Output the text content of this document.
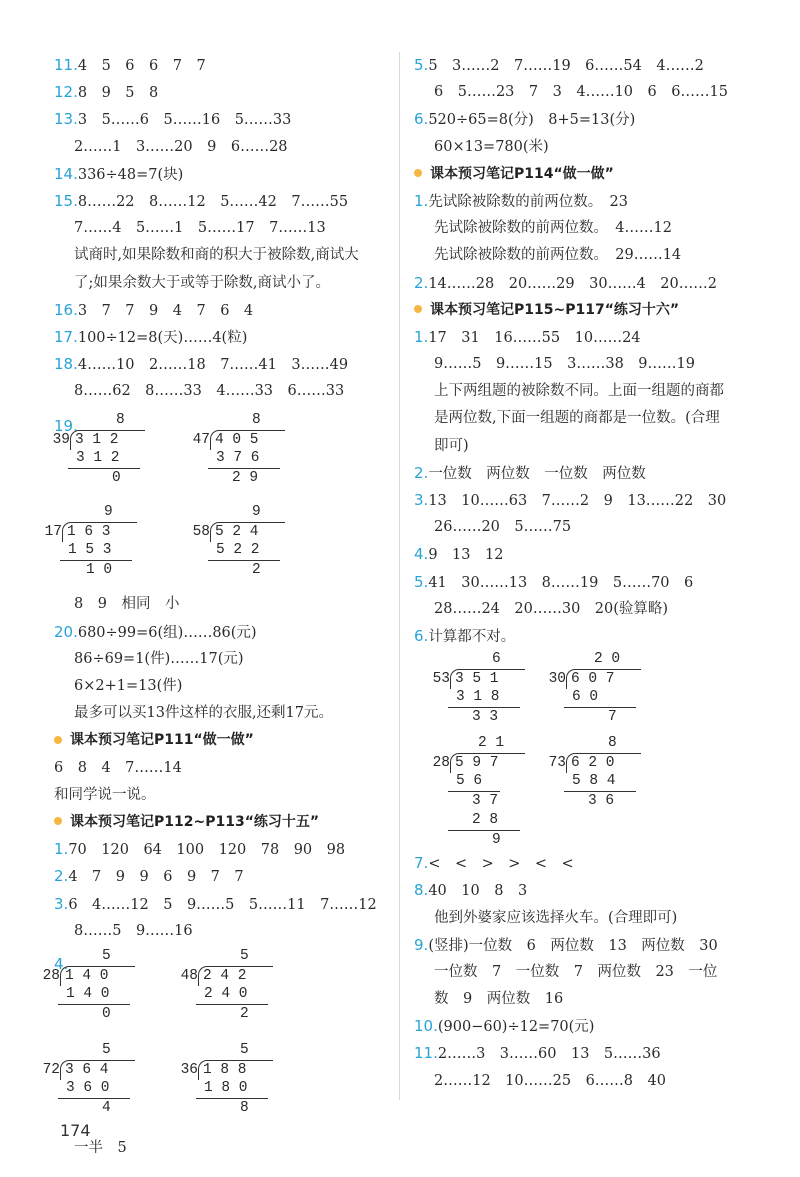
11.4　5　6　6　7　7
12.8　9　5　8
13.3　5……6　5……16　5……33
2……1　3……20　9　6……28
14.336÷48=7(块)
15.8……22　8……12　5……42　7……55
7……4　5……1　5……17　7……13
试商时,如果除数和商的积大于被除数,商试大
了;如果余数大于或等于除数,商试小了。
16.3　7　7　9　4　7　6　4
17.100÷12=8(天)……4(粒)
18.4……10　2……18　7……41　3……49
8……62　8……33　4……33　6……33
19.	8
39 3 1 2
3 1 2
0
8
47 4 0 5
3 7 6
2 9
9
17 1 6 3
1 5 3
1 0
9
58 5 2 4
5 2 2
2
8　9　相同　小
20.680÷99=6(组)……86(元)
86÷69=1(件)……17(元)
6×2+1=13(件)
最多可以买13件这样的衣服,还剩17元。
课本预习笔记P111“做一做”
6　8　4　7……14
和同学说一说。
课本预习笔记P112~P113“练习十五”
1.70　120　64　100　120　78　90　98
2.4　7　9　9　6　9　7　7
3.6　4……12　5　9……5　5……11　7……12
8……5　9……16
4.	5
28 1 4 0
1 4 0
0
5
48 2 4 2
2 4 0
2
5
72 3 6 4
3 6 0
4
5
36 1 8 8
1 8 0
8
一半　5
5.5　3……2　7……19　6……54　4……2
6　5……23　7　3　4……10　6　6……15
6.520÷65=8(分)　8+5=13(分)
60×13=780(米)
课本预习笔记P114“做一做”
1.先试除被除数的前两位数。　23
先试除被除数的前两位数。　4……12
先试除被除数的前两位数。　29……14
2.14……28　20……29　30……4　20……2
课本预习笔记P115~P117“练习十六”
1.17　31　16……55　10……24
9……5　9……15　3……38　9……19
上下两组题的被除数不同。上面一组题的商都
是两位数,下面一组题的商都是一位数。(合理
即可)
2.一位数　两位数　一位数　两位数
3.13　10……63　7……2　9　13……22　30
26……20　5……75
4.9　13　12
5.41　30……13　8……19　5……70　6
28……24　20……30　20(验算略)
6.计算都不对。
6
53 3 5 1
3 1 8
3 3
2 0
30 6 0 7
6 0
7
2 1
28 5 9 7
5 6
3 7
2 8
9
8
73 6 2 0
5 8 4
3 6
7.<　<　>　>　<　<
8.40　10　8　3
他到外婆家应该选择火车。(合理即可)
9.(竖排)一位数　6　两位数　13　两位数　30
一位数　7　一位数　7　两位数　23　一位
数　9　两位数　16
10.(900−60)÷12=70(元)
11.2……3　3……60　13　5……36
2……12　10……25　6……8　40
174
